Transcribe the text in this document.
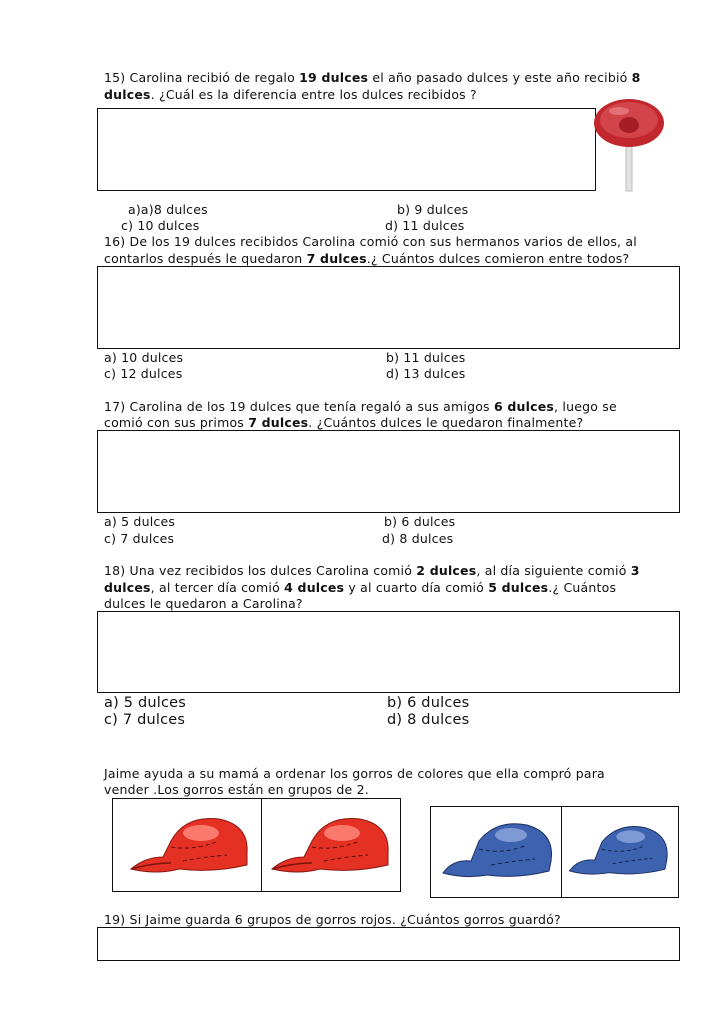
15) Carolina recibió de regalo 19 dulces el año pasado dulces y este año recibió 8
dulces. ¿Cuál es la diferencia entre los dulces recibidos ?
a)a)8 dulces	b) 9 dulces
c) 10 dulces	d) 11 dulces
16) De los 19 dulces recibidos Carolina comió con sus hermanos varios de ellos, al
contarlos después le quedaron 7 dulces.¿ Cuántos dulces comieron entre todos?
a) 10 dulces	b) 11 dulces
c) 12 dulces	d) 13 dulces
17) Carolina de los 19 dulces que tenía regaló a sus amigos 6 dulces, luego se
comió con sus primos 7 dulces. ¿Cuántos dulces le quedaron finalmente?
a) 5 dulces	b) 6 dulces
c) 7 dulces	d) 8 dulces
18) Una vez recibidos los dulces Carolina comió 2 dulces, al día siguiente comió 3
dulces, al tercer día comió 4 dulces y al cuarto día comió 5 dulces.¿ Cuántos
dulces le quedaron a Carolina?
a) 5 dulces	b) 6 dulces
c) 7 dulces	d) 8 dulces
Jaime ayuda a su mamá a ordenar los gorros de colores que ella compró para
vender .Los gorros están en grupos de 2.
19) Si Jaime guarda 6 grupos de gorros rojos. ¿Cuántos gorros guardó?
